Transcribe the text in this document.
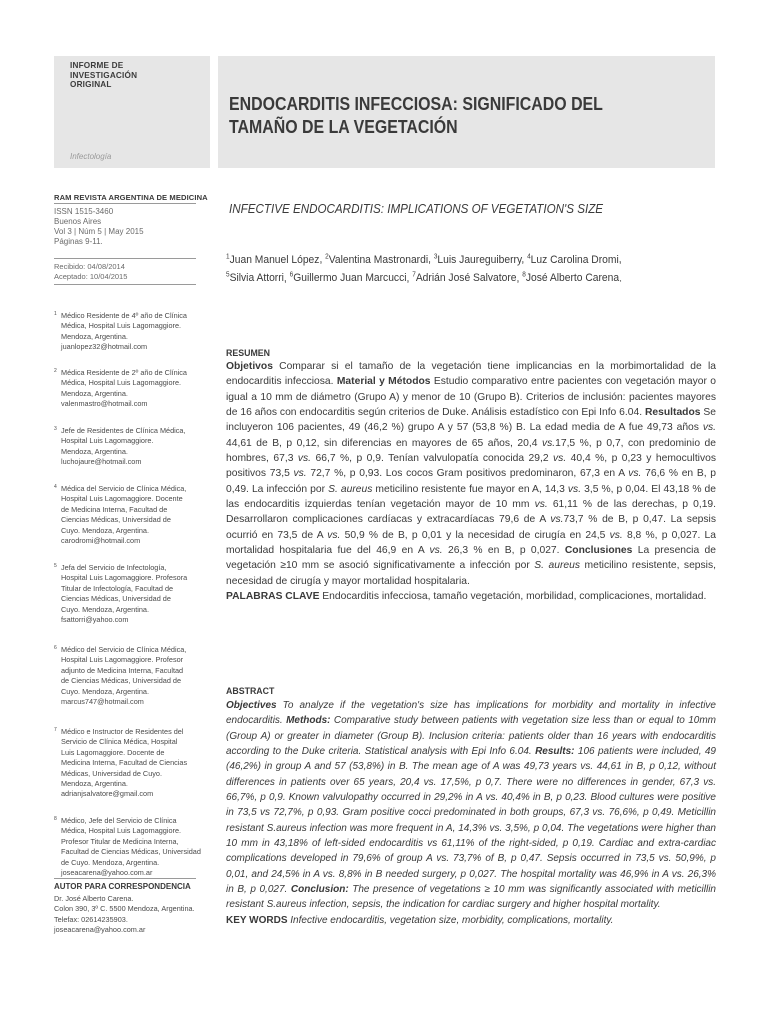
INFORME DE
INVESTIGACIÓN
ORIGINAL
Infectología
ENDOCARDITIS INFECCIOSA: SIGNIFICADO DEL
TAMAÑO DE LA VEGETACIÓN
RAM REVISTA ARGENTINA DE MEDICINA
ISSN 1515-3460
Buenos Aires
Vol 3 | Núm 5 | May 2015
Páginas 9-11.
Recibido: 04/08/2014
Aceptado: 10/04/2015
INFECTIVE ENDOCARDITIS: IMPLICATIONS OF VEGETATION'S SIZE
$^1$Juan Manuel López, $^2$Valentina Mastronardi, $^3$Luis Jaureguiberry, $^4$Luz Carolina Dromi,
$^5$Silvia Attorri, $^6$Guillermo Juan Marcucci, $^7$Adrián José Salvatore, $^8$José Alberto Carena.
1 Médico Residente de 4º año de Clínica
Médica, Hospital Luis Lagomaggiore.
Mendoza, Argentina.
juanlopez32@hotmail.com
2 Médica Residente de 2º año de Clínica
Médica, Hospital Luis Lagomaggiore.
Mendoza, Argentina.
valenmastro@hotmail.com
3 Jefe de Residentes de Clínica Médica,
Hospital Luis Lagomaggiore.
Mendoza, Argentina.
luchojaure@hotmail.com
4 Médica del Servicio de Clínica Médica,
Hospital Luis Lagomaggiore. Docente
de Medicina Interna, Facultad de
Ciencias Médicas, Universidad de
Cuyo. Mendoza, Argentina.
carodromi@hotmail.com
5 Jefa del Servicio de Infectología,
Hospital Luis Lagomaggiore. Profesora
Titular de Infectología, Facultad de
Ciencias Médicas, Universidad de
Cuyo. Mendoza, Argentina.
fsattorri@yahoo.com
6 Médico del Servicio de Clínica Médica,
Hospital Luis Lagomaggiore. Profesor
adjunto de Medicina Interna, Facultad
de Ciencias Médicas, Universidad de
Cuyo. Mendoza, Argentina.
marcus747@hotmail.com
7 Médico e Instructor de Residentes del
Servicio de Clínica Médica, Hospital
Luis Lagomaggiore. Docente de
Medicina Interna, Facultad de Ciencias
Médicas, Universidad de Cuyo.
Mendoza, Argentina.
adrianjsalvatore@gmail.com
8 Médico, Jefe del Servicio de Clínica
Médica, Hospital Luis Lagomaggiore.
Profesor Titular de Medicina Interna,
Facultad de Ciencias Médicas, Universidad
de Cuyo. Mendoza, Argentina.
joseacarena@yahoo.com.ar
AUTOR PARA CORRESPONDENCIA
Dr. José Alberto Carena.
Colon 390, 3º C. 5500 Mendoza, Argentina.
Telefax: 02614235903.
joseacarena@yahoo.com.ar
RESUMEN
Objetivos Comparar si el tamaño de la vegetación tiene implicancias en la morbimortalidad de la endocarditis infecciosa. Material y Métodos Estudio comparativo entre pacientes con vegetación mayor o igual a 10 mm de diámetro (Grupo A) y menor de 10 (Grupo B). Criterios de inclusión: pacientes mayores de 16 años con endocarditis según criterios de Duke. Análisis estadístico con Epi Info 6.04. Resultados Se incluyeron 106 pacientes, 49 (46,2 %) grupo A y 57 (53,8 %) B. La edad media de A fue 49,73 años vs. 44,61 de B, p 0,12, sin diferencias en mayores de 65 años, 20,4 vs.17,5 %, p 0,7, con predominio de hombres, 67,3 vs. 66,7 %, p 0,9. Tenían valvulopatía conocida 29,2 vs. 40,4 %, p 0,23 y hemocultivos positivos 73,5 vs. 72,7 %, p 0,93. Los cocos Gram positivos predominaron, 67,3 en A vs. 76,6 % en B, p 0,49. La infección por S. aureus meticilino resistente fue mayor en A, 14,3 vs. 3,5 %, p 0,04. El 43,18 % de las endocarditis izquierdas tenían vegetación mayor de 10 mm vs. 61,11 % de las derechas, p 0,19. Desarrollaron complicaciones cardíacas y extracardíacas 79,6 de A vs.73,7 % de B, p 0,47. La sepsis ocurrió en 73,5 de A vs. 50,9 % de B, p 0,01 y la necesidad de cirugía en 24,5 vs. 8,8 %, p 0,027. La mortalidad hospitalaria fue del 46,9 en A vs. 26,3 % en B, p 0,027. Conclusiones La presencia de vegetación ≥10 mm se asoció significativamente a infección por S. aureus meticilino resistente, sepsis, necesidad de cirugía y mayor mortalidad hospitalaria.
PALABRAS CLAVE Endocarditis infecciosa, tamaño vegetación, morbilidad, complicaciones, mortalidad.
ABSTRACT
Objectives To analyze if the vegetation's size has implications for morbidity and mortality in infective endocarditis. Methods: Comparative study between patients with vegetation size less than or equal to 10mm (Group A) or greater in diameter (Group B). Inclusion criteria: patients older than 16 years with endocarditis according to the Duke criteria. Statistical analysis with Epi Info 6.04. Results: 106 patients were included, 49 (46,2%) in group A and 57 (53,8%) in B. The mean age of A was 49,73 years vs. 44,61 in B, p 0,12, without differences in patients over 65 years, 20,4 vs. 17,5%, p 0,7. There were no differences in gender, 67,3 vs. 66,7%, p 0,9. Known valvulopathy occurred in 29,2% in A vs. 40,4% in B, p 0,23. Blood cultures were positive in 73,5 vs 72,7%, p 0,93. Gram positive cocci predominated in both groups, 67,3 vs. 76,6%, p 0,49. Meticillin resistant S.aureus infection was more frequent in A, 14,3% vs. 3,5%, p 0,04. The vegetations were higher than 10 mm in 43,18% of left-sided endocarditis vs 61,11% of the right-sided, p 0,19. Cardiac and extra-cardiac complications developed in 79,6% of group A vs. 73,7% of B, p 0,47. Sepsis occurred in 73,5 vs. 50,9%, p 0,01, and 24,5% in A vs. 8,8% in B needed surgery, p 0,027. The hospital mortality was 46,9% in A vs. 26,3% in B, p 0,027. Conclusion: The presence of vegetations ≥ 10 mm was significantly associated with meticillin resistant S.aureus infection, sepsis, the indication for cardiac surgery and higher hospital mortality.
KEY WORDS Infective endocarditis, vegetation size, morbidity, complications, mortality.
